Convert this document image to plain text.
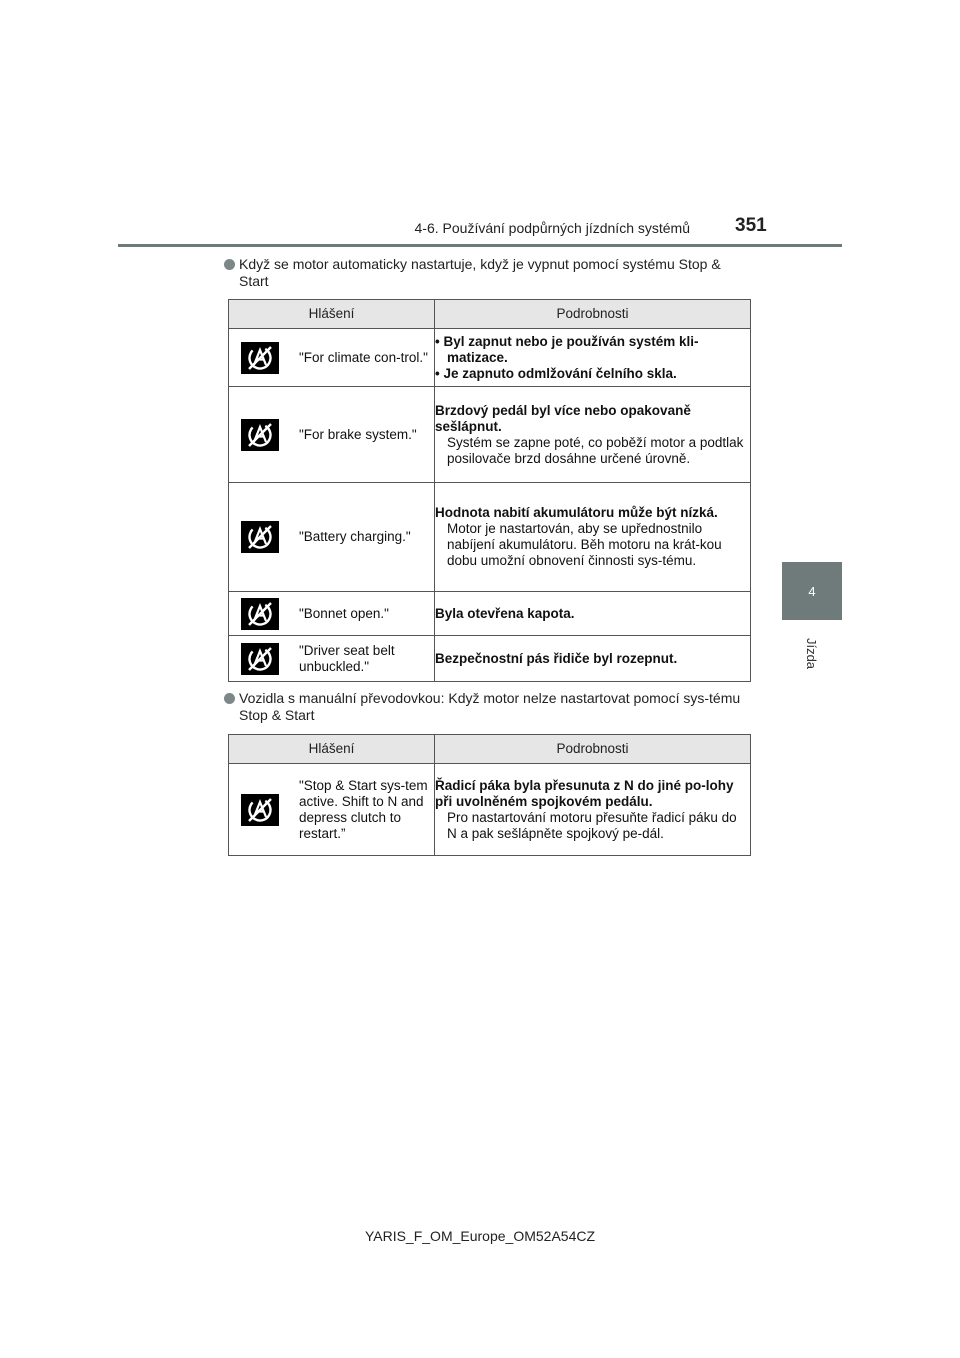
4-6. Používání podpůrných jízdních systémů 351
4
Jízda
Když se motor automaticky nastartuje, když je vypnut pomocí systému Stop & Start
Hlášení	Podrobnosti

"For climate con-trol."	• Byl zapnut nebo je používán systém kli-matizace.
• Je zapnuto odmlžování čelního skla.

"For brake system."	Brzdový pedál byl více nebo opakovaně sešlápnut.
Systém se zapne poté, co poběží motor a podtlak posilovače brzd dosáhne určené úrovně.

"Battery charging."	Hodnota nabití akumulátoru může být nízká.
Motor je nastartován, aby se upřednostnilo nabíjení akumulátoru. Běh motoru na krát-kou dobu umožní obnovení činnosti sys-tému.

"Bonnet open."	Byla otevřena kapota.

"Driver seat belt unbuckled."	Bezpečnostní pás řidiče byl rozepnut.
Vozidla s manuální převodovkou: Když motor nelze nastartovat pomocí sys-tému Stop & Start
Hlášení	Podrobnosti

"Stop & Start sys-tem active. Shift to N and depress clutch to restart.”	Řadicí páka byla přesunuta z N do jiné po-lohy při uvolněném spojkovém pedálu.
Pro nastartování motoru přesuňte řadicí páku do N a pak sešlápněte spojkový pe-dál.
YARIS_F_OM_Europe_OM52A54CZ
